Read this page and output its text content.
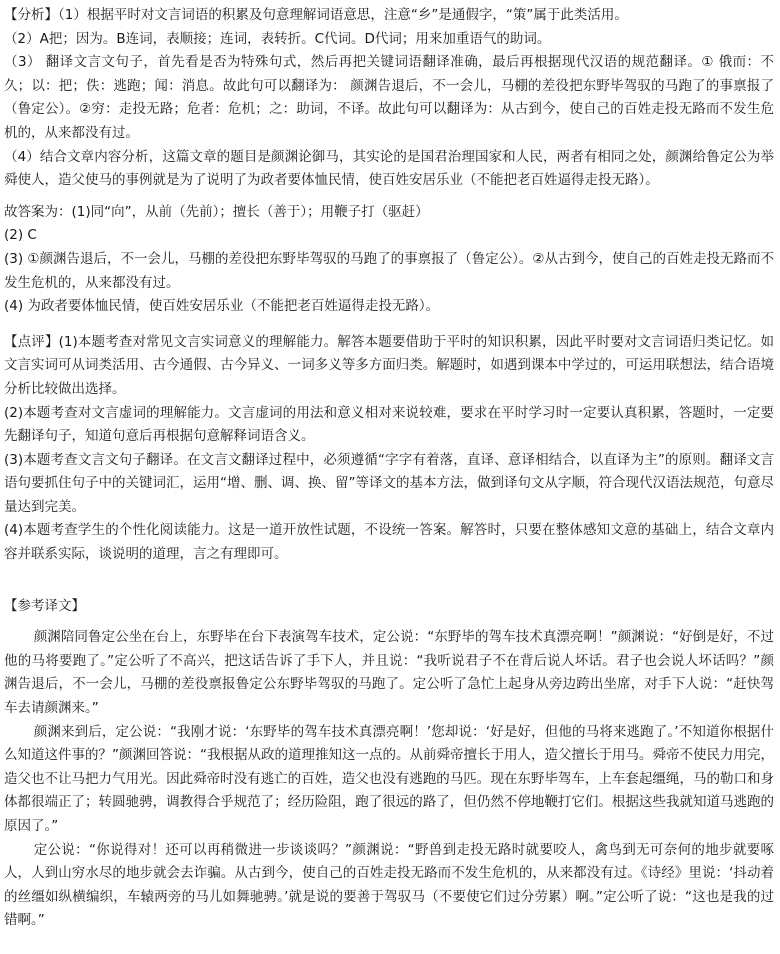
【分析】（1）根据平时对文言词语的积累及句意理解词语意思，注意“乡”是通假字，“策”属于此类活用。

（2）A把；因为。B连词，表顺接；连词，表转折。C代词。D代词；用来加重语气的助词。

（3） 翻译文言文句子，首先看是否为特殊句式，然后再把关键词语翻译准确，最后再根据现代汉语的规范翻译。① 俄而：不久；以：把；佚：逃跑；闻：消息。故此句可以翻译为： 颜渊告退后，不一会儿，马棚的差役把东野毕驾驭的马跑了的事禀报了（鲁定公）。②穷：走投无路；危者：危机；之：助词，不译。故此句可以翻译为：从古到今，使自己的百姓走投无路而不发生危机的，从来都没有过。

（4）结合文章内容分析，这篇文章的题目是颜渊论御马，其实论的是国君治理国家和人民，两者有相同之处，颜渊给鲁定公为举舜使人，造父使马的事例就是为了说明了为政者要体恤民情，使百姓安居乐业（不能把老百姓逼得走投无路）。

故答案为：(1)同“向”，从前（先前）；擅长（善于）；用鞭子打（驱赶）

(2) C

(3) ①颜渊告退后，不一会儿，马棚的差役把东野毕驾驭的马跑了的事禀报了（鲁定公）。②从古到今，使自己的百姓走投无路而不发生危机的，从来都没有过。

(4) 为政者要体恤民情，使百姓安居乐业（不能把老百姓逼得走投无路）。

【点评】(1)本题考查对常见文言实词意义的理解能力。解答本题要借助于平时的知识积累，因此平时要对文言词语归类记忆。如文言实词可从词类活用、古今通假、古今异义、一词多义等多方面归类。解题时，如遇到课本中学过的，可运用联想法，结合语境分析比较做出选择。

(2)本题考查对文言虚词的理解能力。文言虚词的用法和意义相对来说较难，要求在平时学习时一定要认真积累，答题时，一定要先翻译句子，知道句意后再根据句意解释词语含义。

(3)本题考查文言文句子翻译。在文言文翻译过程中，必须遵循“字字有着落，直译、意译相结合，以直译为主”的原则。翻译文言语句要抓住句子中的关键词汇，运用“增、删、调、换、留”等译文的基本方法，做到译句文从字顺，符合现代汉语法规范，句意尽量达到完美。

(4)本题考查学生的个性化阅读能力。这是一道开放性试题，不设统一答案。解答时，只要在整体感知文意的基础上，结合文章内容并联系实际，谈说明的道理，言之有理即可。

【参考译文】

颜渊陪同鲁定公坐在台上，东野毕在台下表演驾车技术，定公说：“东野毕的驾车技术真漂亮啊！”颜渊说：“好倒是好，不过他的马将要跑了。”定公听了不高兴，把这话告诉了手下人，并且说：“我听说君子不在背后说人坏话。君子也会说人坏话吗？”颜渊告退后，不一会儿，马棚的差役禀报鲁定公东野毕驾驭的马跑了。定公听了急忙上起身从旁边跨出坐席，对手下人说：“赶快驾车去请颜渊来。”

颜渊来到后，定公说：“我刚才说：‘东野毕的驾车技术真漂亮啊！’您却说：‘好是好，但他的马将来逃跑了。’不知道你根据什么知道这件事的？”颜渊回答说：“我根据从政的道理推知这一点的。从前舜帝擅长于用人，造父擅长于用马。舜帝不使民力用完，造父也不让马把力气用光。因此舜帝时没有逃亡的百姓，造父也没有逃跑的马匹。现在东野毕驾车，上车套起缰绳，马的勒口和身体都很端正了；转圆驰骋，调教得合乎规范了；经历险阻，跑了很远的路了，但仍然不停地鞭打它们。根据这些我就知道马逃跑的原因了。”

定公说：“你说得对！还可以再稍微进一步谈谈吗？”颜渊说：“野兽到走投无路时就要咬人，禽鸟到无可奈何的地步就要啄人，人到山穷水尽的地步就会去诈骗。从古到今，使自己的百姓走投无路而不发生危机的，从来都没有过。《诗经》里说：‘抖动着的丝缰如纵横编织，车辕两旁的马儿如舞驰骋。’就是说的要善于驾驭马（不要使它们过分劳累）啊。”定公听了说：“这也是我的过错啊。”
